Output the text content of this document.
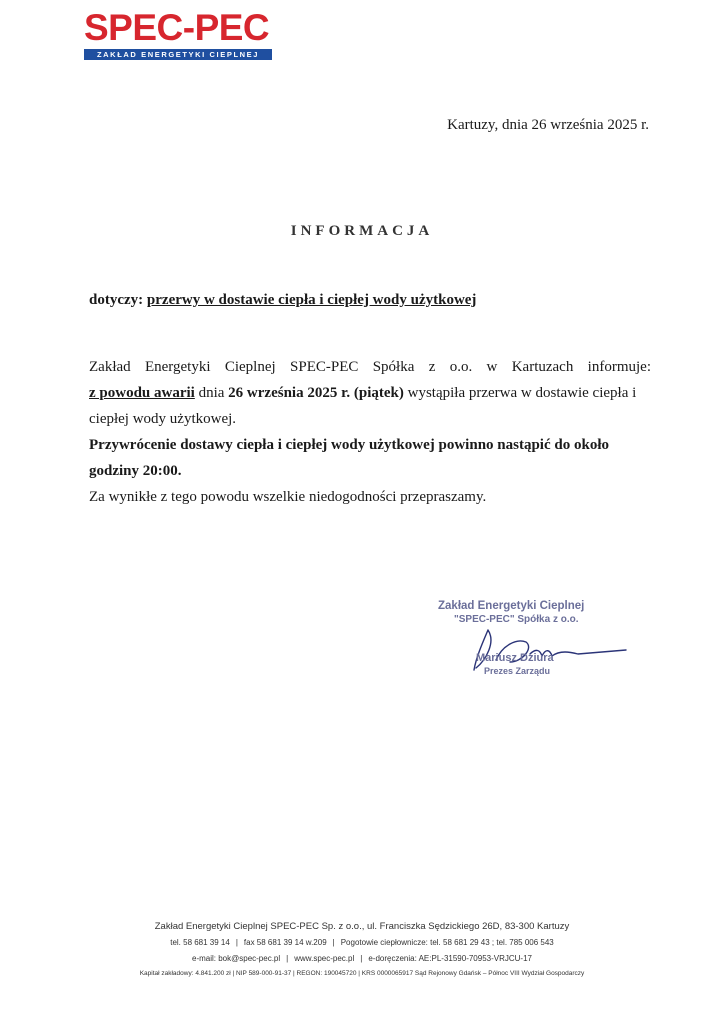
SPEC-PEC
ZAKŁAD ENERGETYKI CIEPLNEJ
Kartuzy, dnia 26 września 2025 r.
INFORMACJA
dotyczy: przerwy w dostawie ciepła i ciepłej wody użytkowej

Zakład Energetyki Cieplnej SPEC-PEC Spółka z o.o. w Kartuzach informuje:

z powodu awarii dnia 26 września 2025 r. (piątek) wystąpiła przerwa w dostawie ciepła i ciepłej wody użytkowej.

Przywrócenie dostawy ciepła i ciepłej wody użytkowej powinno nastąpić do około godziny 20:00.

Za wynikłe z tego powodu wszelkie niedogodności przepraszamy.

Zakład Energetyki Cieplnej
"SPEC-PEC" Spółka z o.o.
Mariusz Dziura
Prezes Zarządu
Zakład Energetyki Cieplnej SPEC-PEC Sp. z o.o., ul. Franciszka Sędzickiego 26D, 83-300 Kartuzy
tel. 58 681 39 14 | fax 58 681 39 14 w.209 | Pogotowie ciepłownicze: tel. 58 681 29 43 ; tel. 785 006 543
e-mail: bok@spec-pec.pl | www.spec-pec.pl | e-doręczenia: AE:PL-31590-70953-VRJCU-17
Kapitał zakładowy: 4.841.200 zł | NIP 589-000-91-37 | REGON: 190045720 | KRS 0000065917 Sąd Rejonowy Gdańsk – Północ VIII Wydział Gospodarczy
